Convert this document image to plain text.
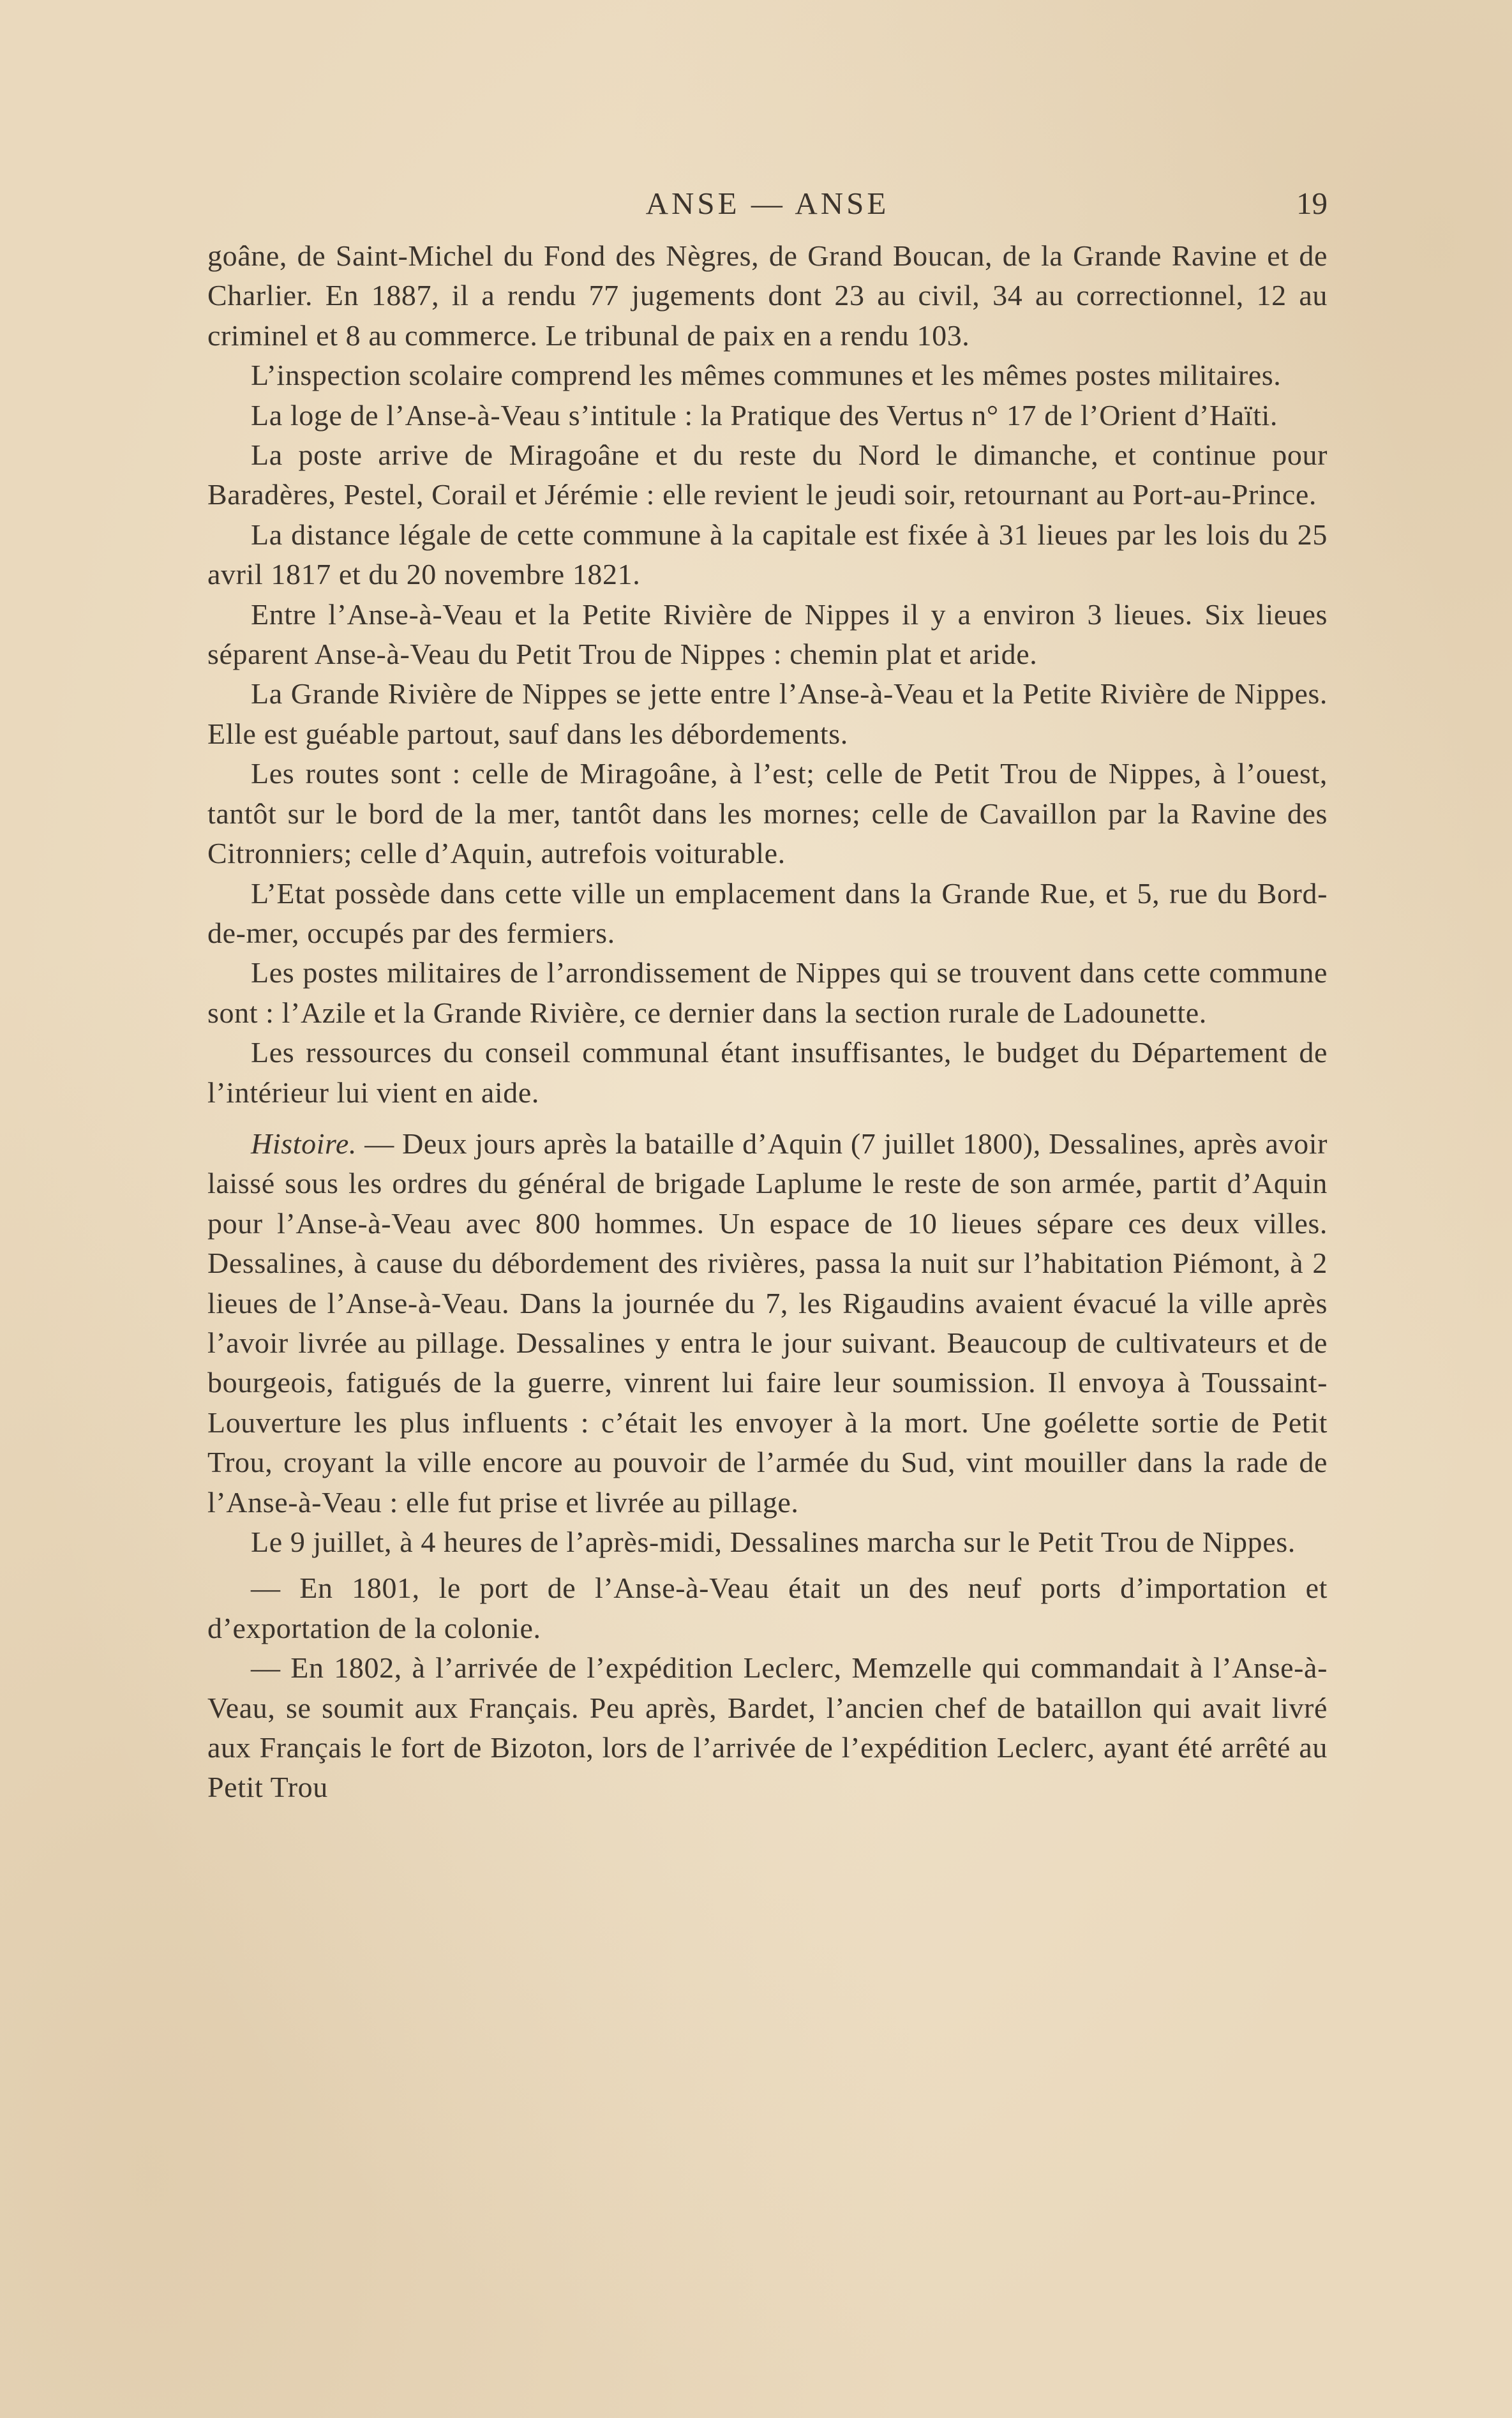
ANSE — ANSE	19

goâne, de Saint-Michel du Fond des Nègres, de Grand Boucan, de la Grande Ravine et de Charlier. En 1887, il a rendu 77 jugements dont 23 au civil, 34 au correctionnel, 12 au criminel et 8 au commerce. Le tribunal de paix en a rendu 103.

L’inspection scolaire comprend les mêmes communes et les mêmes postes militaires.

La loge de l’Anse-à-Veau s’intitule : la Pratique des Vertus n° 17 de l’Orient d’Haïti.

La poste arrive de Miragoâne et du reste du Nord le dimanche, et continue pour Baradères, Pestel, Corail et Jérémie : elle revient le jeudi soir, retournant au Port-au-Prince.

La distance légale de cette commune à la capitale est fixée à 31 lieues par les lois du 25 avril 1817 et du 20 novembre 1821.

Entre l’Anse-à-Veau et la Petite Rivière de Nippes il y a environ 3 lieues. Six lieues séparent Anse-à-Veau du Petit Trou de Nippes : chemin plat et aride.

La Grande Rivière de Nippes se jette entre l’Anse-à-Veau et la Petite Rivière de Nippes. Elle est guéable partout, sauf dans les débordements.

Les routes sont : celle de Miragoâne, à l’est; celle de Petit Trou de Nippes, à l’ouest, tantôt sur le bord de la mer, tantôt dans les mornes; celle de Cavaillon par la Ravine des Citronniers; celle d’Aquin, autrefois voiturable.

L’Etat possède dans cette ville un emplacement dans la Grande Rue, et 5, rue du Bord-de-mer, occupés par des fermiers.

Les postes militaires de l’arrondissement de Nippes qui se trouvent dans cette commune sont : l’Azile et la Grande Rivière, ce dernier dans la section rurale de Ladounette.

Les ressources du conseil communal étant insuffisantes, le budget du Département de l’intérieur lui vient en aide.

Histoire. — Deux jours après la bataille d’Aquin (7 juillet 1800), Dessalines, après avoir laissé sous les ordres du général de brigade Laplume le reste de son armée, partit d’Aquin pour l’Anse-à-Veau avec 800 hommes. Un espace de 10 lieues sépare ces deux villes. Dessalines, à cause du débordement des rivières, passa la nuit sur l’habitation Piémont, à 2 lieues de l’Anse-à-Veau. Dans la journée du 7, les Rigaudins avaient évacué la ville après l’avoir livrée au pillage. Dessalines y entra le jour suivant. Beaucoup de cultivateurs et de bourgeois, fatigués de la guerre, vinrent lui faire leur soumission. Il envoya à Toussaint-Louverture les plus influents : c’était les envoyer à la mort. Une goélette sortie de Petit Trou, croyant la ville encore au pouvoir de l’armée du Sud, vint mouiller dans la rade de l’Anse-à-Veau : elle fut prise et livrée au pillage.

Le 9 juillet, à 4 heures de l’après-midi, Dessalines marcha sur le Petit Trou de Nippes.

— En 1801, le port de l’Anse-à-Veau était un des neuf ports d’importation et d’exportation de la colonie.

— En 1802, à l’arrivée de l’expédition Leclerc, Memzelle qui commandait à l’Anse-à-Veau, se soumit aux Français. Peu après, Bardet, l’ancien chef de bataillon qui avait livré aux Français le fort de Bizoton, lors de l’arrivée de l’expédition Leclerc, ayant été arrêté au Petit Trou
